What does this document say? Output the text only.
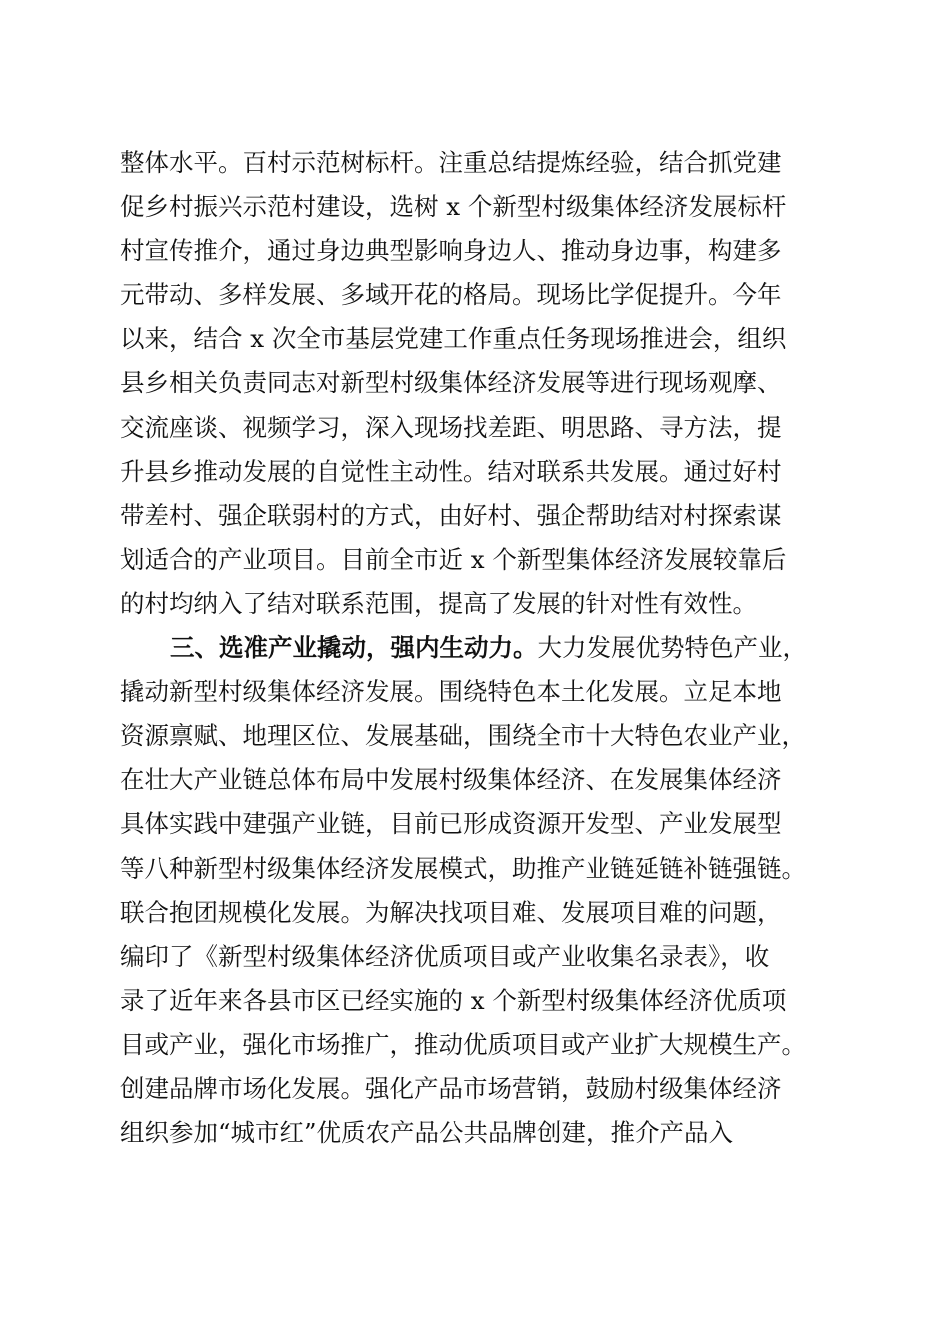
整体水平。百村示范树标杆。注重总结提炼经验，结合抓党建
促乡村振兴示范村建设，选树 x 个新型村级集体经济发展标杆
村宣传推介，通过身边典型影响身边人、推动身边事，构建多
元带动、多样发展、多域开花的格局。现场比学促提升。今年
以来，结合 x 次全市基层党建工作重点任务现场推进会，组织
县乡相关负责同志对新型村级集体经济发展等进行现场观摩、
交流座谈、视频学习，深入现场找差距、明思路、寻方法，提
升县乡推动发展的自觉性主动性。结对联系共发展。通过好村
带差村、强企联弱村的方式，由好村、强企帮助结对村探索谋
划适合的产业项目。目前全市近 x 个新型集体经济发展较靠后
的村均纳入了结对联系范围，提高了发展的针对性有效性。
三、选准产业撬动，强内生动力。大力发展优势特色产业，
撬动新型村级集体经济发展。围绕特色本土化发展。立足本地
资源禀赋、地理区位、发展基础，围绕全市十大特色农业产业，
在壮大产业链总体布局中发展村级集体经济、在发展集体经济
具体实践中建强产业链，目前已形成资源开发型、产业发展型
等八种新型村级集体经济发展模式，助推产业链延链补链强链。
联合抱团规模化发展。为解决找项目难、发展项目难的问题，
编印了《新型村级集体经济优质项目或产业收集名录表》，收
录了近年来各县市区已经实施的 x 个新型村级集体经济优质项
目或产业，强化市场推广，推动优质项目或产业扩大规模生产。
创建品牌市场化发展。强化产品市场营销，鼓励村级集体经济
组织参加“城市红”优质农产品公共品牌创建，推介产品入
